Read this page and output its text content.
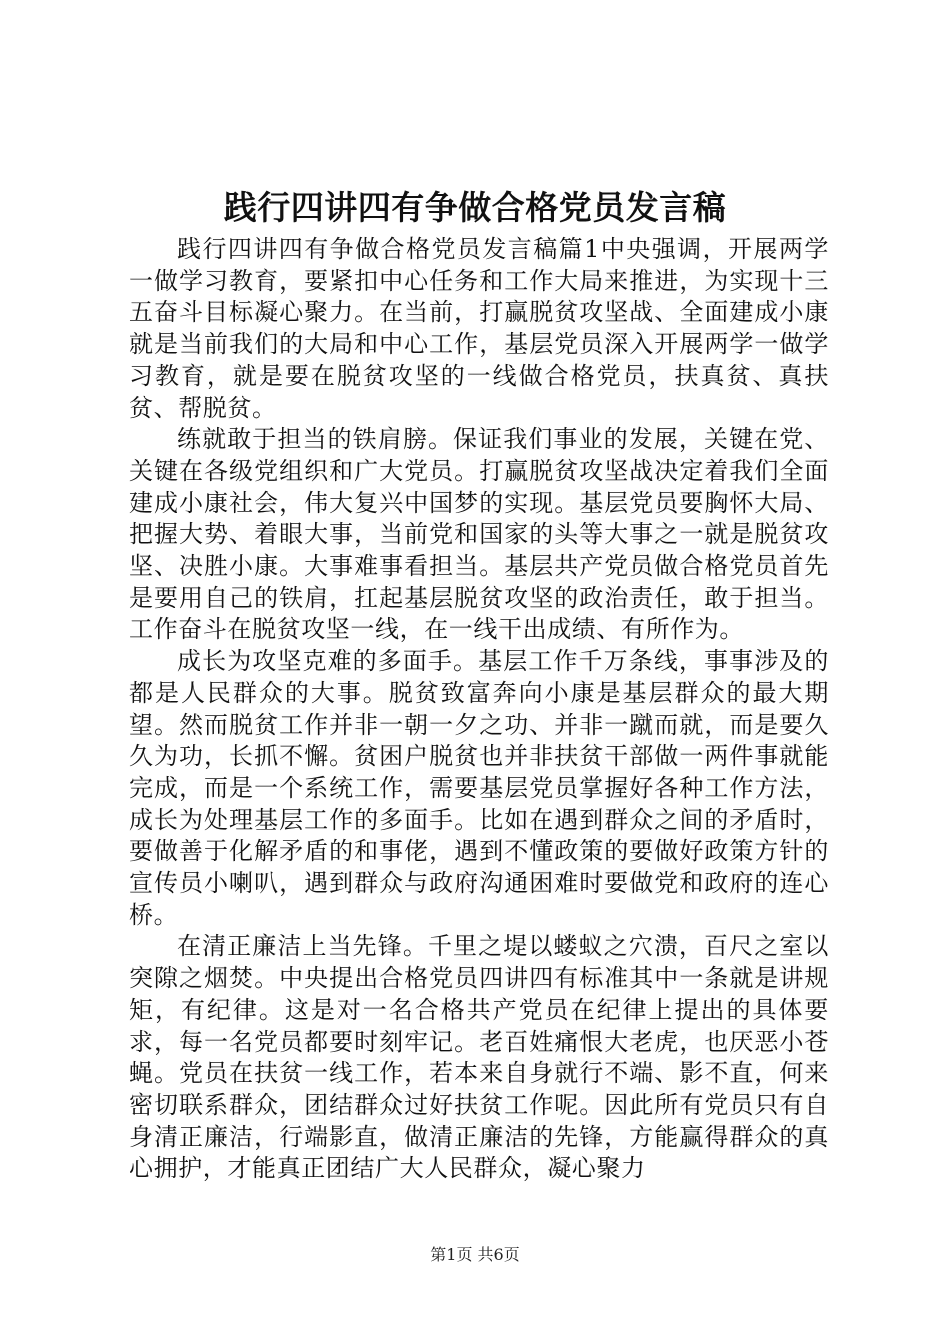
践行四讲四有争做合格党员发言稿

践行四讲四有争做合格党员发言稿篇1中央强调，开展两学一做学习教育，要紧扣中心任务和工作大局来推进，为实现十三五奋斗目标凝心聚力。在当前，打赢脱贫攻坚战、全面建成小康就是当前我们的大局和中心工作，基层党员深入开展两学一做学习教育，就是要在脱贫攻坚的一线做合格党员，扶真贫、真扶贫、帮脱贫。

练就敢于担当的铁肩膀。保证我们事业的发展，关键在党、关键在各级党组织和广大党员。打赢脱贫攻坚战决定着我们全面建成小康社会，伟大复兴中国梦的实现。基层党员要胸怀大局、把握大势、着眼大事，当前党和国家的头等大事之一就是脱贫攻坚、决胜小康。大事难事看担当。基层共产党员做合格党员首先是要用自己的铁肩，扛起基层脱贫攻坚的政治责任，敢于担当。工作奋斗在脱贫攻坚一线，在一线干出成绩、有所作为。

成长为攻坚克难的多面手。基层工作千万条线，事事涉及的都是人民群众的大事。脱贫致富奔向小康是基层群众的最大期望。然而脱贫工作并非一朝一夕之功、并非一蹴而就，而是要久久为功，长抓不懈。贫困户脱贫也并非扶贫干部做一两件事就能完成，而是一个系统工作，需要基层党员掌握好各种工作方法，成长为处理基层工作的多面手。比如在遇到群众之间的矛盾时，要做善于化解矛盾的和事佬，遇到不懂政策的要做好政策方针的宣传员小喇叭，遇到群众与政府沟通困难时要做党和政府的连心桥。

在清正廉洁上当先锋。千里之堤以蝼蚁之穴溃，百尺之室以突隙之烟焚。中央提出合格党员四讲四有标准其中一条就是讲规矩，有纪律。这是对一名合格共产党员在纪律上提出的具体要求，每一名党员都要时刻牢记。老百姓痛恨大老虎，也厌恶小苍蝇。党员在扶贫一线工作，若本来自身就行不端、影不直，何来密切联系群众，团结群众过好扶贫工作呢。因此所有党员只有自身清正廉洁，行端影直，做清正廉洁的先锋，方能赢得群众的真心拥护，才能真正团结广大人民群众，凝心聚力

第1页 共6页
